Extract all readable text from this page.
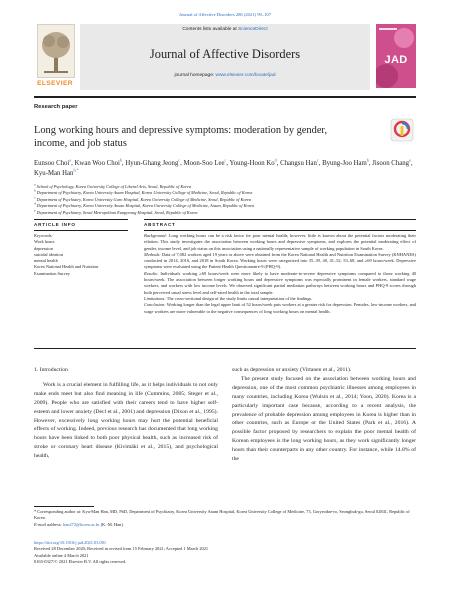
Journal of Affective Disorders 286 (2021) 99–107
ELSEVIER
Contents lists available at ScienceDirect
Journal of Affective Disorders
journal homepage: www.elsevier.com/locate/jad
JAD
Research paper
Long working hours and depressive symptoms: moderation by gender, income, and job status
Eunsoo Choi$^a$, Kwan Woo Choi$^b$, Hyun-Ghang Jeong$^c$, Moon-Soo Lee$^c$, Young-Hoon Ko$^d$, Changsu Han$^c$, Byung-Joo Ham$^b$, Jisoon Chang$^e$, Kyu-Man Han$^{b,*}$
$^a$ School of Psychology, Korea University College of Liberal Arts, Seoul, Republic of Korea
$^b$ Department of Psychiatry, Korea University Anam Hospital, Korea University College of Medicine, Seoul, Republic of Korea
$^c$ Department of Psychiatry, Korea University Guro Hospital, Korea University College of Medicine, Seoul, Republic of Korea
$^d$ Department of Psychiatry, Korea University Ansan Hospital, Korea University College of Medicine, Ansan, Republic of Korea
$^e$ Department of Psychiatry, Seoul Metropolitan Eunpyeong Hospital, Seoul, Republic of Korea
ARTICLE INFO	ABSTRACT
Keywords:
Work hours
depression
suicidal ideation
mental health
Korea National Health and Nutrition
Examination Survey

Background: Long working hours can be a risk factor for poor mental health; however, little is known about the potential factors moderating their relation. This study investigates the association between working hours and depressive symptoms, and explores the potential moderating effect of gender, income level, and job status on this association using a nationally representative sample of working population in South Korea.

Methods: Data of 7,082 workers aged 19 years or above were obtained from the Korea National Health and Nutrition Examination Survey (KNHANES) conducted in 2014, 2016, and 2018 in South Korea. Working hours were categorized into 35–39, 40, 41–52, 53–68, and ≥69 hours/week. Depressive symptoms were evaluated using the Patient Health Questionnaire-9 (PHQ-9).

Results: Individuals working ≥69 hours/week were more likely to have moderate-to-severe depressive symptoms compared to those working 40 hours/week. The association between longer working hours and depressive symptoms was especially prominent in female workers, standard wage workers, and workers with low income levels. We observed significant partial mediation pathways between working hours and PHQ-9 scores through both perceived usual stress level and self-rated health in the total sample.

Limitations: The cross-sectional design of the study limits causal interpretation of the findings.

Conclusion: Working longer than the legal upper limit of 52 hours/week puts workers at a greater risk for depression. Females, low-income workers, and wage workers are more vulnerable to the negative consequences of long working hours on mental health.

1. Introduction

Work is a crucial element in fulfilling life, as it helps individuals to not only make ends meet but also find meaning in life (Cummins, 2005; Steger et al., 2009). People who are satisfied with their careers tend to have higher self-esteem and lower anxiety (Decl et al., 2001) and depression (Dixon et al., 1995). However, excessively long working hours may hurt the potential beneficial effects of working. Indeed, previous research has documented that long working hours have been linked to both poor physical health, such as increased risk of stroke or coronary heart disease (Kivimäki et al., 2015), and psychological health,

such as depression or anxiety (Virtanen et al., 2011).

The present study focused on the association between working hours and depression, one of the most common psychiatric illnesses among employees in many countries, including Korea (Wulsin et al., 2014; Yoon, 2020). Korea is a particularly important case because, according to a recent analysis, the prevalence of probable depression among employees in Korea is higher than in other countries, such as Europe or the United States (Park et al., 2016). A possible factor proposed by researchers to explain the poor mental health of Korean employees is the long working hours, as they work significantly longer hours than their counterparts in any other country. For instance, while 14.8% of the

* Corresponding author at: Kyu-Man Han, MD, PhD, Department of Psychiatry, Korea University Anam Hospital, Korea University College of Medicine, 73, Goryeodae-ro, Seongbuk-gu, Seoul 02841, Republic of Korea.

E-mail address: han272@korea.ac.kr (K.-M. Han).

https://doi.org/10.1016/j.jad.2021.03.001

Received 28 December 2020; Received in revised form 15 February 2021; Accepted 1 March 2021

Available online 4 March 2021

0165-0327/© 2021 Elsevier B.V. All rights reserved.
